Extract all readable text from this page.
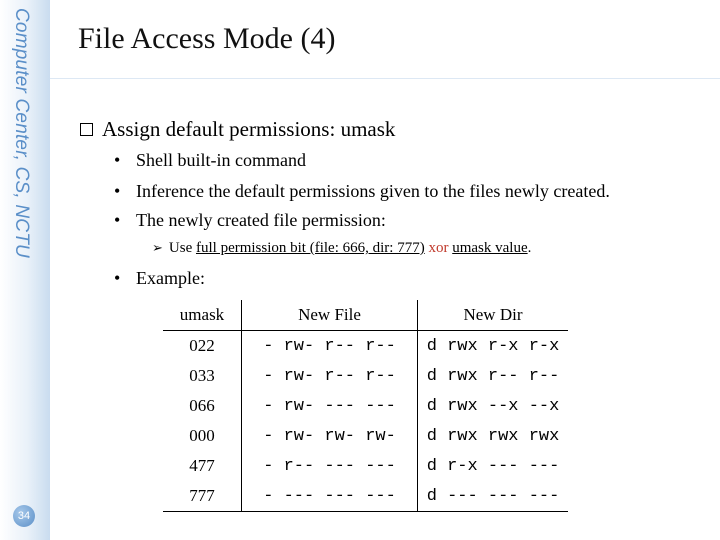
Computer Center, CS, NCTU
34
File Access Mode (4)
Assign default permissions: umask
• Shell built-in command
• Inference the default permissions given to the files newly created.
• The newly created file permission:
➢ Use full permission bit (file: 666, dir: 777) xor umask value.
• Example:
umask	New File	New Dir
022	- rw- r-- r--	d rwx r-x r-x
033	- rw- r-- r--	d rwx r-- r--
066	- rw- --- ---	d rwx --x --x
000	- rw- rw- rw-	d rwx rwx rwx
477	- r-- --- ---	d r-x --- ---
777	- --- --- ---	d --- --- ---
